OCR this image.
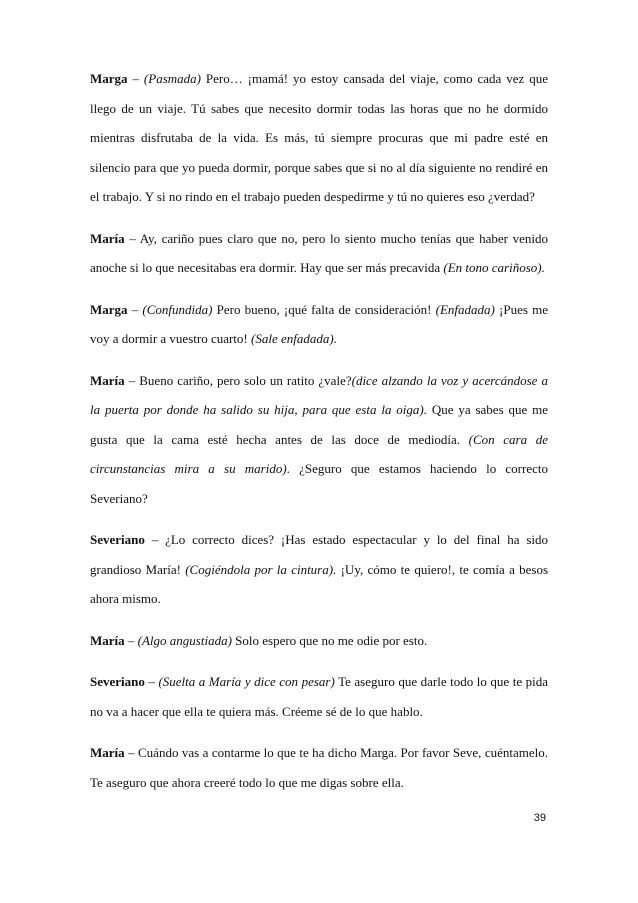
Marga – (Pasmada) Pero… ¡mamá! yo estoy cansada del viaje, como cada vez que llego de un viaje. Tú sabes que necesito dormir todas las horas que no he dormido mientras disfrutaba de la vida. Es más, tú siempre procuras que mi padre esté en silencio para que yo pueda dormir, porque sabes que si no al día siguiente no rendiré en el trabajo. Y si no rindo en el trabajo pueden despedirme y tú no quieres eso ¿verdad?

María – Ay, cariño pues claro que no, pero lo siento mucho tenías que haber venido anoche si lo que necesitabas era dormir. Hay que ser más precavida (En tono cariñoso).

Marga – (Confundida) Pero bueno, ¡qué falta de consideración! (Enfadada) ¡Pues me voy a dormir a vuestro cuarto! (Sale enfadada).

María – Bueno cariño, pero solo un ratito ¿vale?(dice alzando la voz y acercándose a la puerta por donde ha salido su hija, para que esta la oiga). Que ya sabes que me gusta que la cama esté hecha antes de las doce de mediodía. (Con cara de circunstancias mira a su marido). ¿Seguro que estamos haciendo lo correcto Severiano?

Severiano – ¿Lo correcto dices? ¡Has estado espectacular y lo del final ha sido grandioso María! (Cogiéndola por la cintura). ¡Uy, cómo te quiero!, te comía a besos ahora mismo.

María – (Algo angustiada) Solo espero que no me odie por esto.

Severiano – (Suelta a María y dice con pesar) Te aseguro que darle todo lo que te pida no va a hacer que ella te quiera más. Créeme sé de lo que hablo.

María – Cuándo vas a contarme lo que te ha dicho Marga. Por favor Seve, cuéntamelo. Te aseguro que ahora creeré todo lo que me digas sobre ella.

39
